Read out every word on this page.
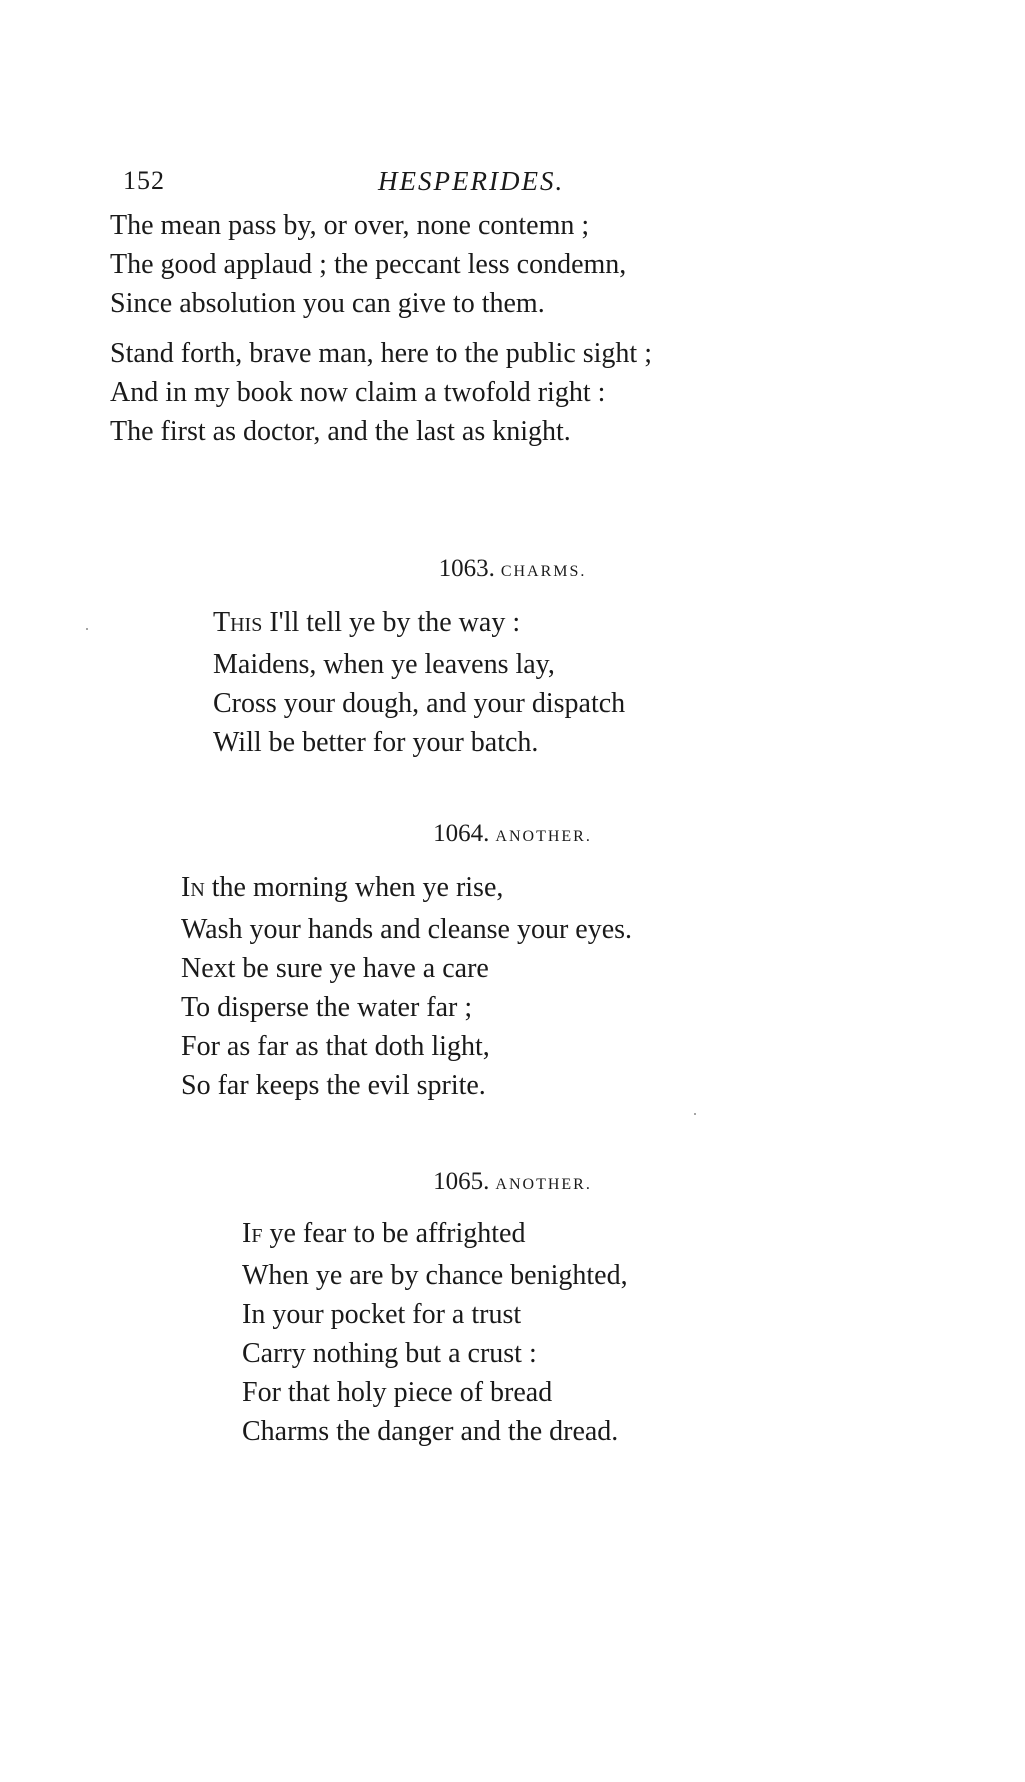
152	HESPERIDES.
The mean pass by, or over, none contemn ;
The good applaud ; the peccant less condemn,
Since absolution you can give to them.
Stand forth, brave man, here to the public sight ;
And in my book now claim a twofold right :
The first as doctor, and the last as knight.
1063. CHARMS.
THIS I'll tell ye by the way :
Maidens, when ye leavens lay,
Cross your dough, and your dispatch
Will be better for your batch.
1064. ANOTHER.
IN the morning when ye rise,
Wash your hands and cleanse your eyes.
Next be sure ye have a care
To disperse the water far ;
For as far as that doth light,
So far keeps the evil sprite.
1065. ANOTHER.
IF ye fear to be affrighted
When ye are by chance benighted,
In your pocket for a trust
Carry nothing but a crust :
For that holy piece of bread
Charms the danger and the dread.
